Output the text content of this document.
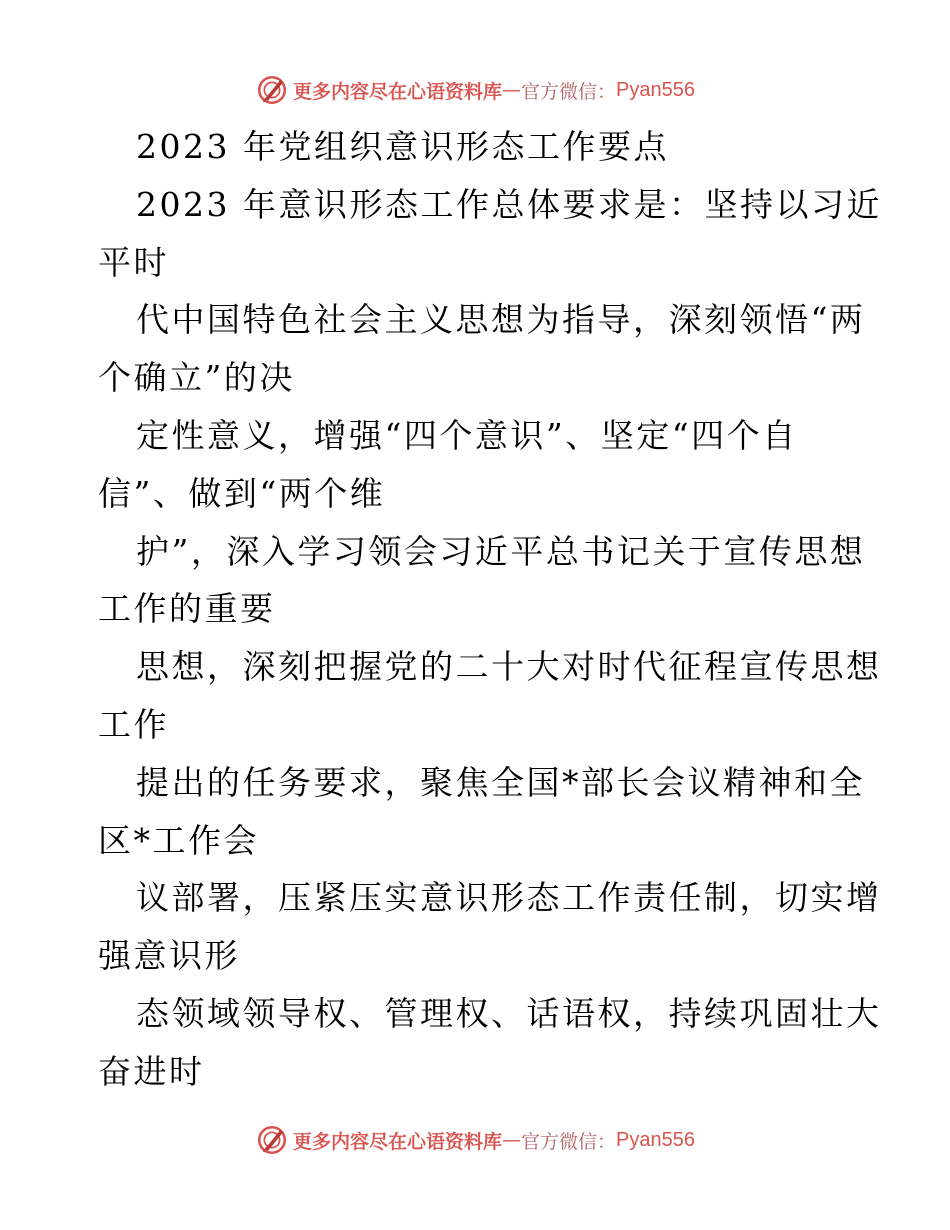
更多内容尽在心语资料库 — 官方微信： Pyan556
2023 年党组织意识形态工作要点
2023 年意识形态工作总体要求是：坚持以习近
平时
代中国特色社会主义思想为指导，深刻领悟“两
个确立”的决
定性意义，增强“四个意识”、坚定“四个自
信”、做到“两个维
护”，深入学习领会习近平总书记关于宣传思想
工作的重要
思想，深刻把握党的二十大对时代征程宣传思想
工作
提出的任务要求，聚焦全国*部长会议精神和全
区*工作会
议部署，压紧压实意识形态工作责任制，切实增
强意识形
态领域领导权、管理权、话语权，持续巩固壮大
奋进时
更多内容尽在心语资料库 — 官方微信： Pyan556
